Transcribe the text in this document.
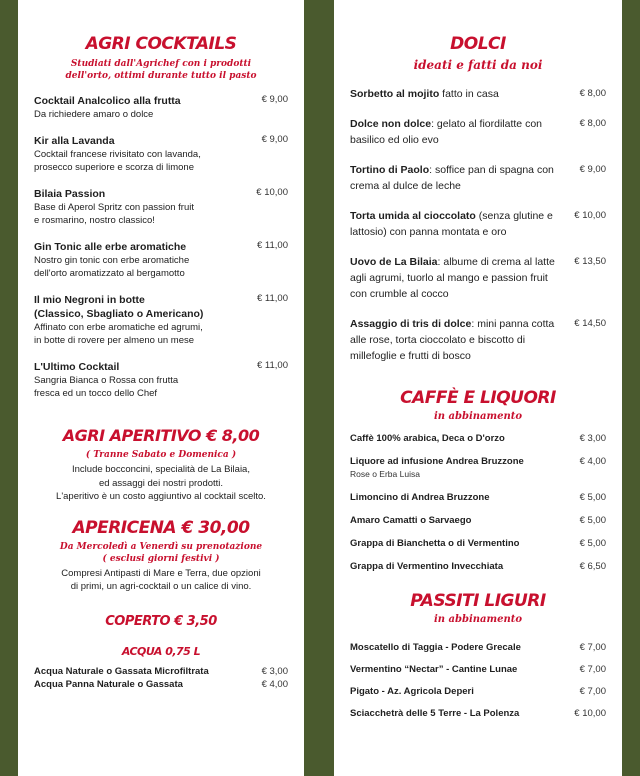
AGRI COCKTAILS
Studiati dall'Agrichef con i prodotti
dell'orto, ottimi durante tutto il pasto
Cocktail Analcolico alla frutta
Da richiedere amaro o dolce
€ 9,00
Kir alla Lavanda
Cocktail francese rivisitato con lavanda,
prosecco superiore e scorza di limone
€ 9,00
Bilaia Passion
Base di Aperol Spritz con passion fruit
e rosmarino, nostro classico!
€ 10,00
Gin Tonic alle erbe aromatiche
Nostro gin tonic con erbe aromatiche
dell'orto aromatizzato al bergamotto
€ 11,00
Il mio Negroni in botte
(Classico, Sbagliato o Americano)
Affinato con erbe aromatiche ed agrumi,
in botte di rovere per almeno un mese
€ 11,00
L'Ultimo Cocktail
Sangria Bianca o Rossa con frutta
fresca ed un tocco dello Chef
€ 11,00
AGRI APERITIVO € 8,00
( Tranne Sabato e Domenica )
Include bocconcini, specialità de La Bilaia,
ed assaggi dei nostri prodotti.
L'aperitivo è un costo aggiuntivo al cocktail scelto.
APERICENA € 30,00
Da Mercoledì a Venerdì su prenotazione
( esclusi giorni festivi )
Compresi Antipasti di Mare e Terra, due opzioni
di primi, un agri-cocktail o un calice di vino.
COPERTO € 3,50
ACQUA 0,75 L
Acqua Naturale o Gassata Microfiltrata	€ 3,00
Acqua Panna Naturale o Gassata	€ 4,00
DOLCI
ideati e fatti da noi
Sorbetto al mojito fatto in casa	€ 8,00
Dolce non dolce: gelato al fiordilatte con basilico ed olio evo
€ 8,00
Tortino di Paolo: soffice pan di spagna con crema al dulce de leche
€ 9,00
Torta umida al cioccolato (senza glutine e lattosio) con panna montata e oro
€ 10,00
Uovo de La Bilaia: albume di crema al latte agli agrumi, tuorlo al mango e passion fruit con crumble al cocco
€ 13,50
Assaggio di tris di dolce: mini panna cotta alle rose, torta cioccolato e biscotto di millefoglie e frutti di bosco
€ 14,50
CAFFÈ E LIQUORI
in abbinamento
Caffè 100% arabica, Deca o D'orzo	€ 3,00
Liquore ad infusione Andrea Bruzzone
Rose o Erba Luisa
€ 4,00
Limoncino di Andrea Bruzzone	€ 5,00
Amaro Camatti o Sarvaego	€ 5,00
Grappa di Bianchetta o di Vermentino	€ 5,00
Grappa di Vermentino Invecchiata	€ 6,50
PASSITI LIGURI
in abbinamento
Moscatello di Taggia - Podere Grecale	€ 7,00
Vermentino “Nectar” - Cantine Lunae	€ 7,00
Pigato - Az. Agricola Deperi	€ 7,00
Sciacchetrà delle 5 Terre - La Polenza	€ 10,00
